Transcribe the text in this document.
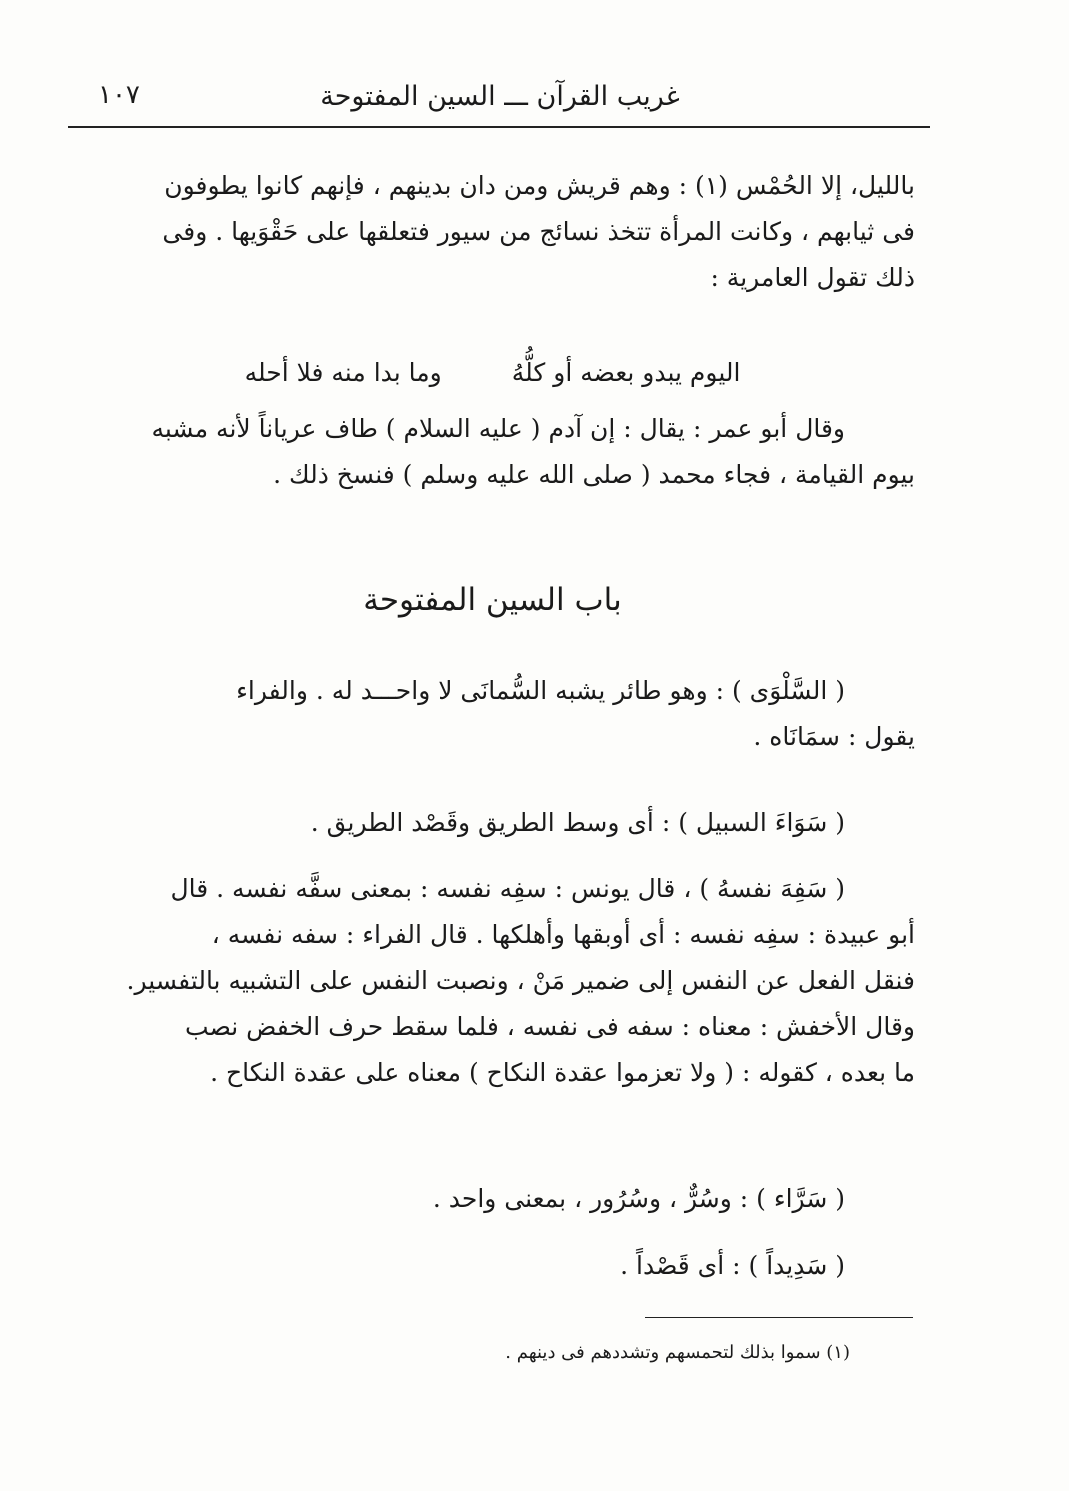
غريب القرآن ـــ السين المفتوحة
١٠٧
بالليل، إلا الحُمْس (١) : وهم قريش ومن دان بدينهم ، فإنهم كانوا يطوفون
فى ثيابهم ، وكانت المرأة تتخذ نسائج من سيور فتعلقها على حَقْوَيها . وفى
ذلك تقول العامرية :
اليوم يبدو بعضه أو كلُّهُ
وما بدا منه فلا أحله
وقال أبو عمر : يقال : إن آدم ( عليه السلام ) طاف عرياناً لأنه مشبه
بيوم القيامة ، فجاء محمد ( صلى الله عليه وسلم ) فنسخ ذلك .
باب السين المفتوحة
( السَّلْوَى ) : وهو طائر يشبه السُّمانَى لا واحـــد له . والفراء
يقول : سمَانَاه .
( سَوَاءَ السبيل ) : أى وسط الطريق وقَصْد الطريق .
( سَفِهَ نفسهُ ) ، قال يونس : سفِه نفسه : بمعنى سفَّه نفسه . قال
أبو عبيدة : سفِه نفسه : أى أوبقها وأهلكها . قال الفراء : سفه نفسه ،
فنقل الفعل عن النفس إلى ضمير مَنْ ، ونصبت النفس على التشبيه بالتفسير.
وقال الأخفش : معناه : سفه فى نفسه ، فلما سقط حرف الخفض نصب
ما بعده ، كقوله : ( ولا تعزموا عقدة النكاح ) معناه على عقدة النكاح .
( سَرَّاء ) : وسُرٌّ ، وسُرُور ، بمعنى واحد .
( سَدِيداً ) : أى قَصْداً .
(١) سموا بذلك لتحمسهم وتشددهم فى دينهم .
